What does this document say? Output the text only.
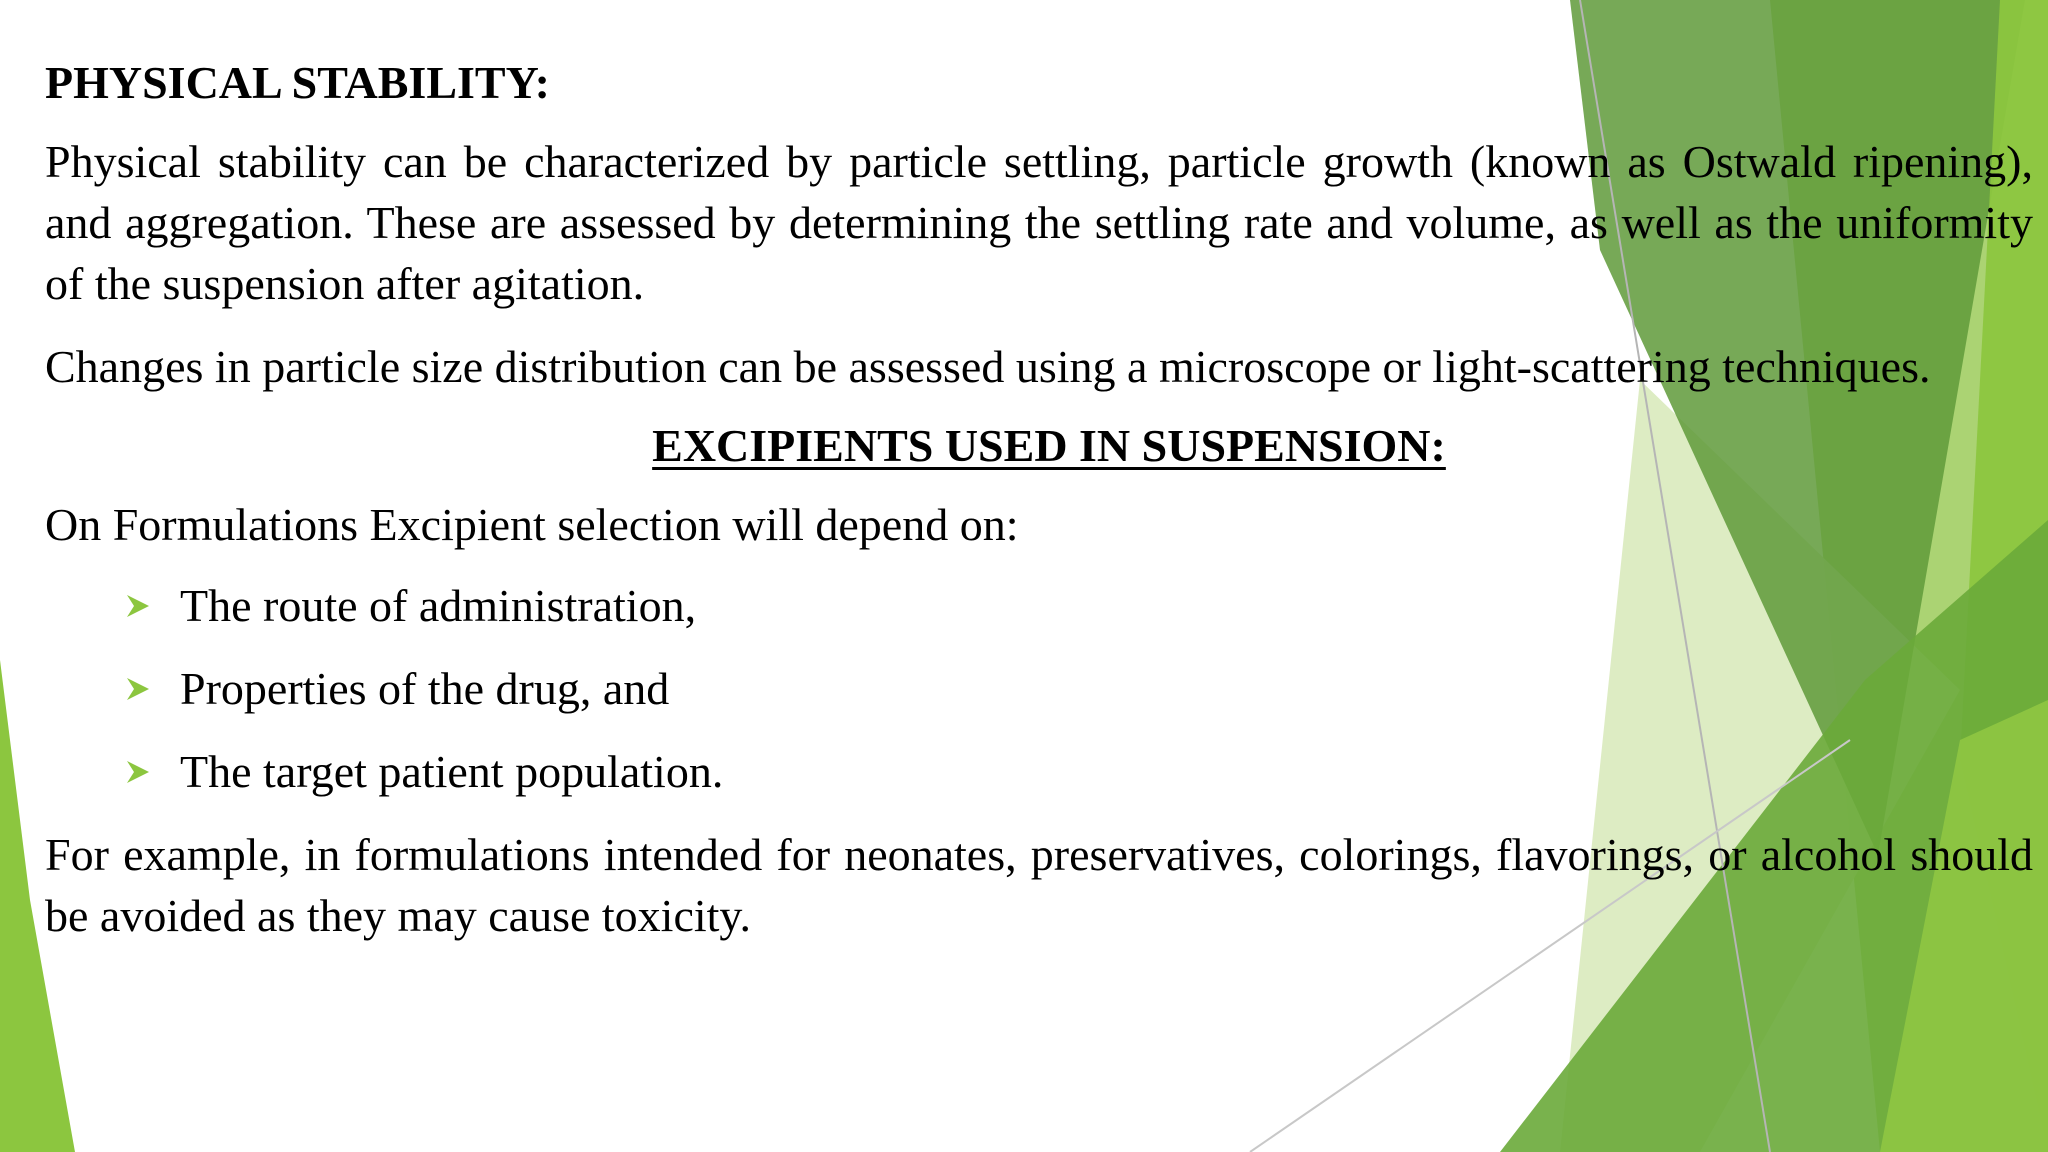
PHYSICAL STABILITY:
Physical stability can be characterized by particle settling, particle growth (known as Ostwald ripening), and aggregation. These are assessed by determining the settling rate and volume, as well as the uniformity of the suspension after agitation.
Changes in particle size distribution can be assessed using a microscope or light-scattering techniques.
EXCIPIENTS USED IN SUSPENSION:
On Formulations Excipient selection will depend on:
The route of administration,
Properties of the drug, and
The target patient population.
For example, in formulations intended for neonates, preservatives, colorings, flavorings, or alcohol should be avoided as they may cause toxicity.
